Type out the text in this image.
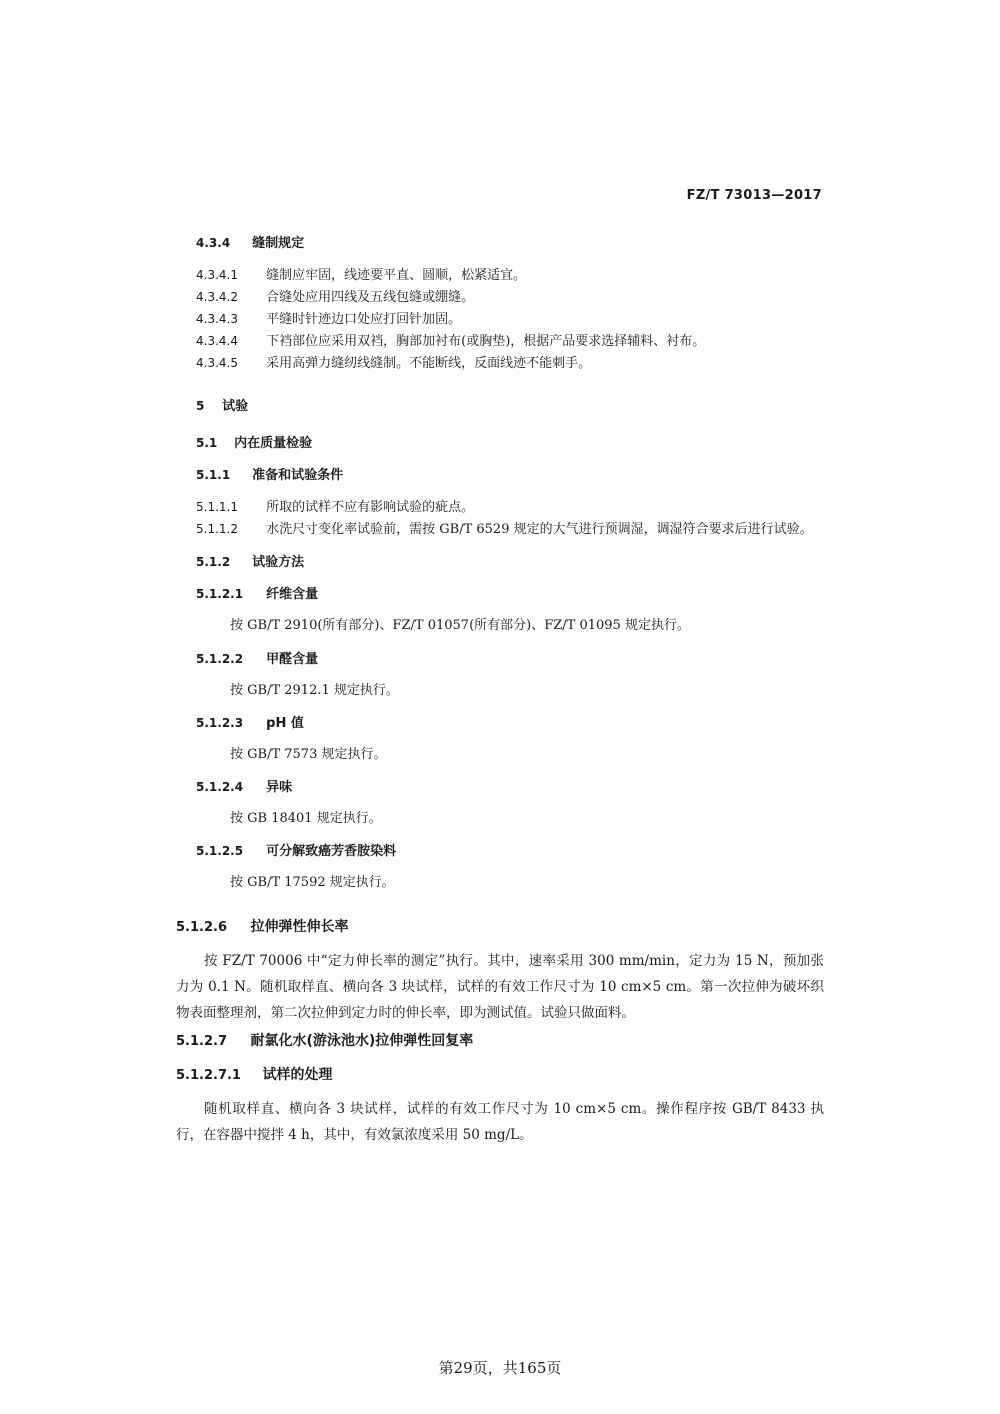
FZ/T 73013—2017
4.3.4 缝制规定
4.3.4.1 缝制应牢固，线迹要平直、圆顺，松紧适宜。
4.3.4.2 合缝处应用四线及五线包缝或绷缝。
4.3.4.3 平缝时针迹边口处应打回针加固。
4.3.4.4 下裆部位应采用双裆，胸部加衬布(或胸垫)，根据产品要求选择辅料、衬布。
4.3.4.5 采用高弹力缝纫线缝制。不能断线，反面线迹不能刺手。
5 试验
5.1 内在质量检验
5.1.1 准备和试验条件
5.1.1.1 所取的试样不应有影响试验的疵点。
5.1.1.2 水洗尺寸变化率试验前，需按 GB/T 6529 规定的大气进行预调湿，调湿符合要求后进行试验。
5.1.2 试验方法
5.1.2.1 纤维含量
按 GB/T 2910(所有部分)、FZ/T 01057(所有部分)、FZ/T 01095 规定执行。
5.1.2.2 甲醛含量
按 GB/T 2912.1 规定执行。
5.1.2.3 pH 值
按 GB/T 7573 规定执行。
5.1.2.4 异味
按 GB 18401 规定执行。
5.1.2.5 可分解致癌芳香胺染料
按 GB/T 17592 规定执行。
5.1.2.6 拉伸弹性伸长率
按 FZ/T 70006 中“定力伸长率的测定”执行。其中，速率采用 300 mm/min，定力为 15 N，预加张力为 0.1 N。随机取样直、横向各 3 块试样，试样的有效工作尺寸为 10 cm×5 cm。第一次拉伸为破坏织物表面整理剂，第二次拉伸到定力时的伸长率，即为测试值。试验只做面料。
5.1.2.7 耐氯化水(游泳池水)拉伸弹性回复率
5.1.2.7.1 试样的处理
随机取样直、横向各 3 块试样，试样的有效工作尺寸为 10 cm×5 cm。操作程序按 GB/T 8433 执行，在容器中搅拌 4 h，其中，有效氯浓度采用 50 mg/L。
第29页，共165页
